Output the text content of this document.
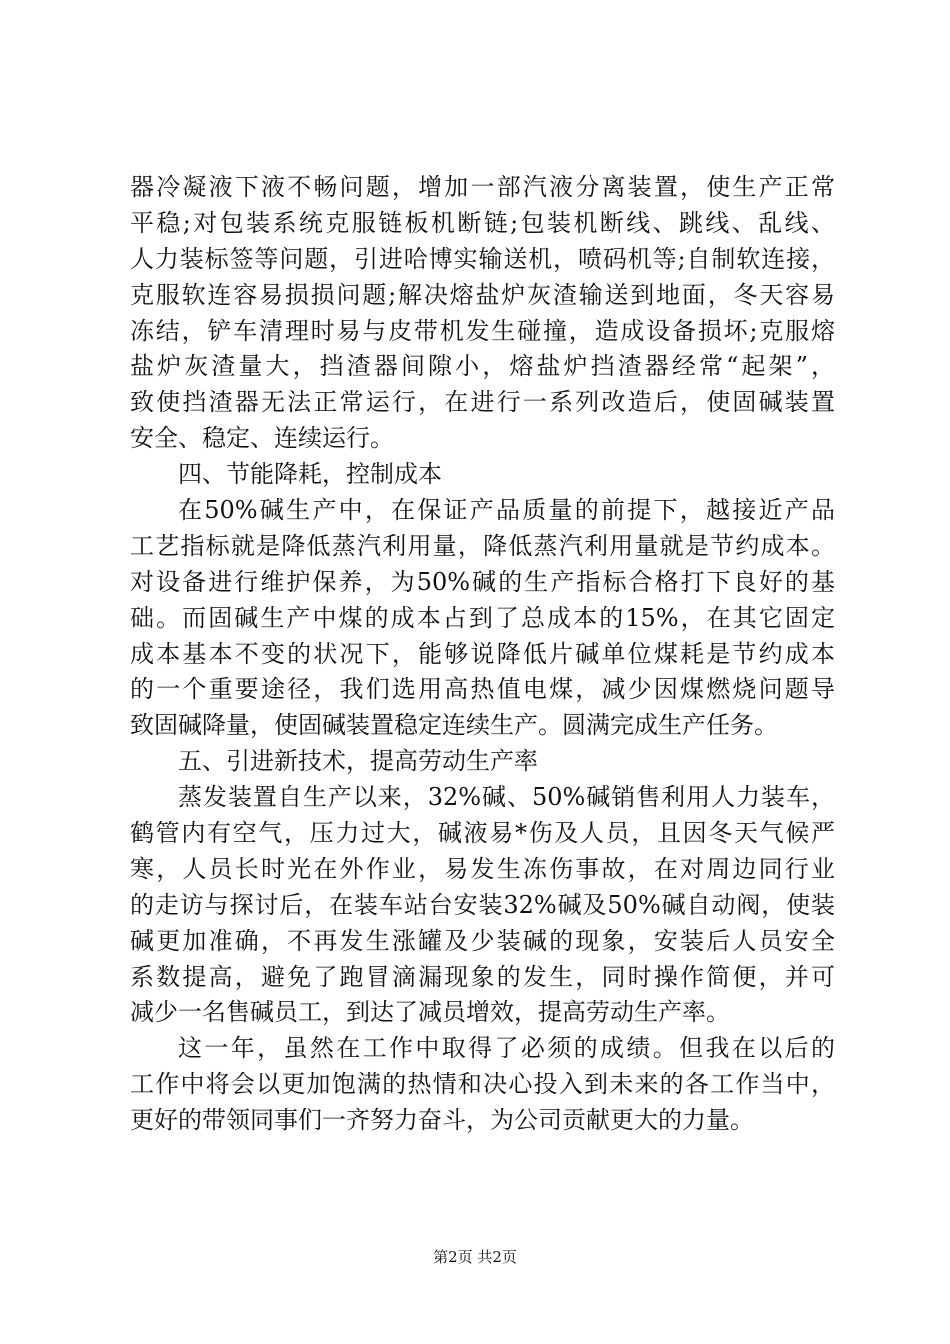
器冷凝液下液不畅问题，增加一部汽液分离装置，使生产正常
平稳;对包装系统克服链板机断链;包装机断线、跳线、乱线、
人力装标签等问题，引进哈博实输送机，喷码机等;自制软连接，
克服软连容易损损问题;解决熔盐炉灰渣输送到地面，冬天容易
冻结，铲车清理时易与皮带机发生碰撞，造成设备损坏;克服熔
盐炉灰渣量大，挡渣器间隙小，熔盐炉挡渣器经常“起架”，
致使挡渣器无法正常运行，在进行一系列改造后，使固碱装置
安全、稳定、连续运行。
四、节能降耗，控制成本
在50%碱生产中，在保证产品质量的前提下，越接近产品
工艺指标就是降低蒸汽利用量，降低蒸汽利用量就是节约成本。
对设备进行维护保养，为50%碱的生产指标合格打下良好的基
础。而固碱生产中煤的成本占到了总成本的15%，在其它固定
成本基本不变的状况下，能够说降低片碱单位煤耗是节约成本
的一个重要途径，我们选用高热值电煤，减少因煤燃烧问题导
致固碱降量，使固碱装置稳定连续生产。圆满完成生产任务。
五、引进新技术，提高劳动生产率
蒸发装置自生产以来，32%碱、50%碱销售利用人力装车，
鹤管内有空气，压力过大，碱液易*伤及人员，且因冬天气候严
寒，人员长时光在外作业，易发生冻伤事故，在对周边同行业
的走访与探讨后，在装车站台安装32%碱及50%碱自动阀，使装
碱更加准确，不再发生涨罐及少装碱的现象，安装后人员安全
系数提高，避免了跑冒滴漏现象的发生，同时操作简便，并可
减少一名售碱员工，到达了减员增效，提高劳动生产率。
这一年，虽然在工作中取得了必须的成绩。但我在以后的
工作中将会以更加饱满的热情和决心投入到未来的各工作当中，
更好的带领同事们一齐努力奋斗，为公司贡献更大的力量。
第2页 共2页
